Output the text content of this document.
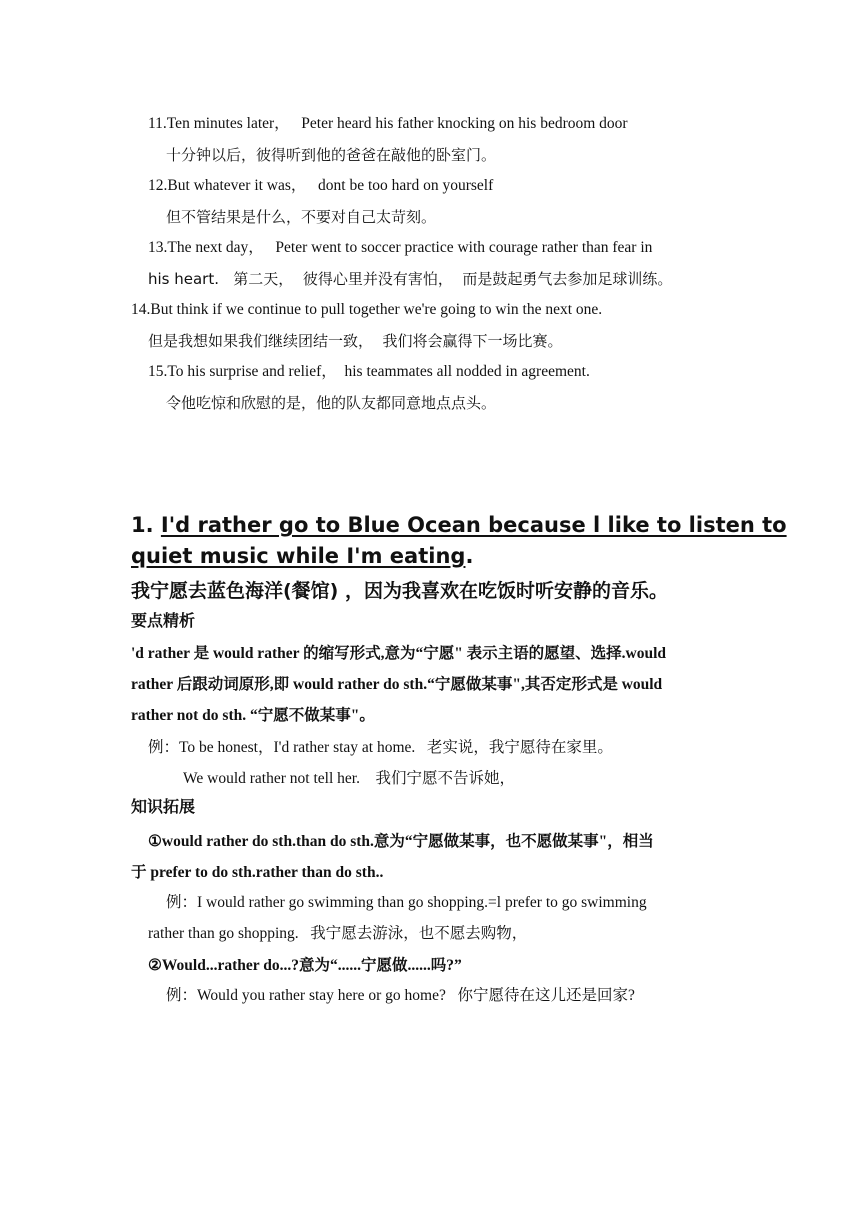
11.Ten minutes later，   Peter heard his father knocking on his bedroom door
十分钟以后，彼得听到他的爸爸在敲他的卧室门。
12.But whatever it was，   dont be too hard on yourself
但不管结果是什么，不要对自己太苛刻。
13.The next day，   Peter went to soccer practice with courage rather than fear in
his heart.   第二天，  彼得心里并没有害怕，  而是鼓起勇气去参加足球训练。
14.But think if we continue to pull together we're going to win the next one.
但是我想如果我们继续团结一致，  我们将会赢得下一场比赛。
15.To his surprise and relief，  his teammates all nodded in agreement.
令他吃惊和欣慰的是，他的队友都同意地点点头。
1. I'd rather go to Blue Ocean because l like to listen to
quiet music while I'm eating.
我宁愿去蓝色海洋(餐馆) ，因为我喜欢在吃饭时听安静的音乐。
要点精析
'd rather 是 would rather 的缩写形式,意为“宁愿" 表示主语的愿望、选择.would
rather 后跟动词原形,即 would rather do sth.“宁愿做某事",其否定形式是 would
rather not do sth. “宁愿不做某事"。
例：To be honest，I'd rather stay at home.   老实说，我宁愿待在家里。
We would rather not tell her.    我们宁愿不告诉她，
知识拓展
①would rather do sth.than do sth.意为“宁愿做某事，也不愿做某事"，相当
于 prefer to do sth.rather than do sth..
例：I would rather go swimming than go shopping.=l prefer to go swimming
rather than go shopping.   我宁愿去游泳，也不愿去购物，
②Would...rather do...?意为“......宁愿做......吗?”
例：Would you rather stay here or go home?   你宁愿待在这儿还是回家?
